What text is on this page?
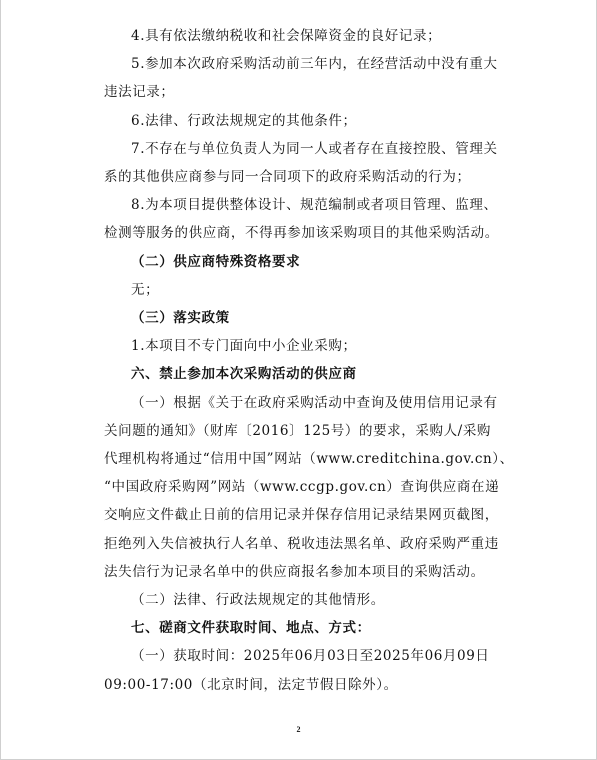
4.具有依法缴纳税收和社会保障资金的良好记录；
5.参加本次政府采购活动前三年内，在经营活动中没有重大
违法记录；
6.法律、行政法规规定的其他条件；
7.不存在与单位负责人为同一人或者存在直接控股、管理关
系的其他供应商参与同一合同项下的政府采购活动的行为；
8.为本项目提供整体设计、规范编制或者项目管理、监理、
检测等服务的供应商，不得再参加该采购项目的其他采购活动。
（二）供应商特殊资格要求
无；
（三）落实政策
1.本项目不专门面向中小企业采购；
六、禁止参加本次采购活动的供应商
（一）根据《关于在政府采购活动中查询及使用信用记录有
关问题的通知》（财库〔2016〕125号）的要求，采购人/采购
代理机构将通过“信用中国”网站（www.creditchina.gov.cn）、
“中国政府采购网”网站（www.ccgp.gov.cn）查询供应商在递
交响应文件截止日前的信用记录并保存信用记录结果网页截图，
拒绝列入失信被执行人名单、税收违法黑名单、政府采购严重违
法失信行为记录名单中的供应商报名参加本项目的采购活动。
（二）法律、行政法规规定的其他情形。
七、磋商文件获取时间、地点、方式：
（一）获取时间：2025年06月03日至2025年06月09日
09:00-17:00（北京时间，法定节假日除外）。
2
